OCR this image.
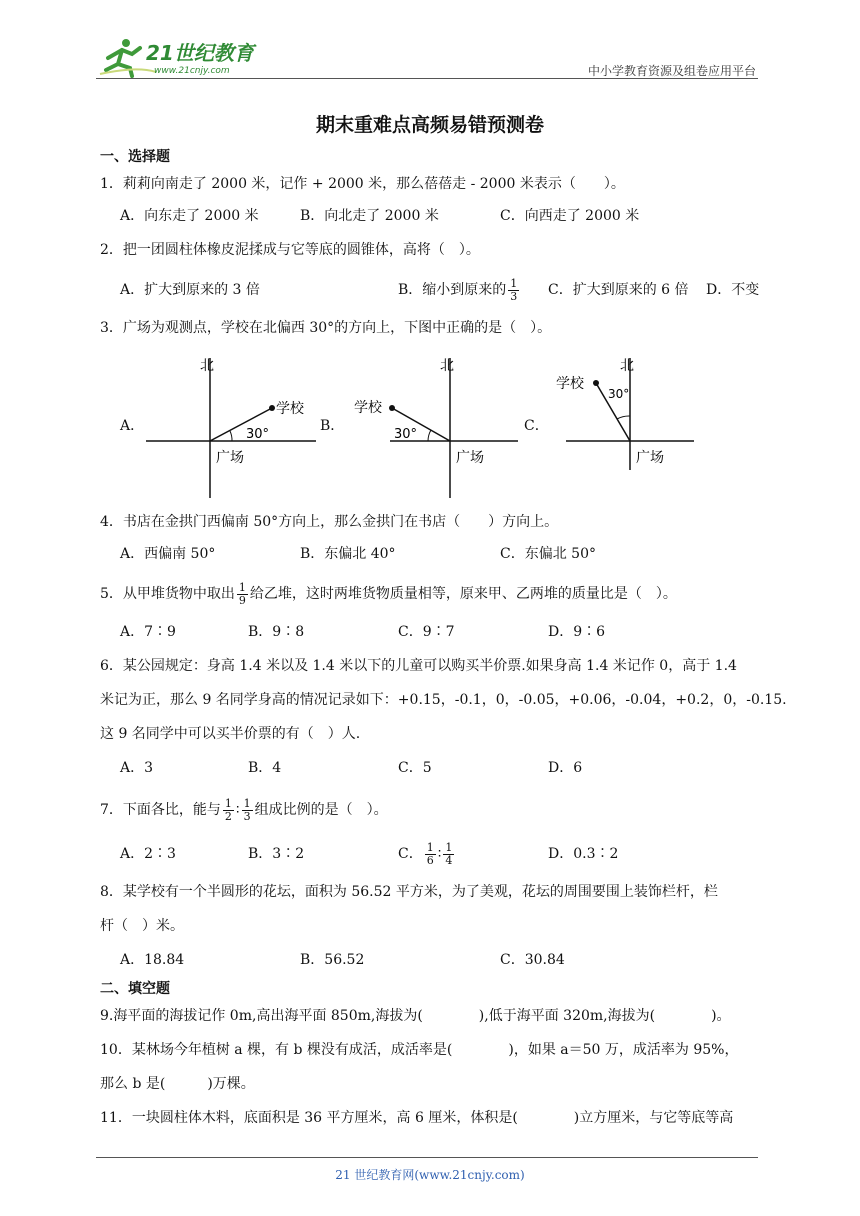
21世纪教育
www.21cnjy.com	中小学教育资源及组卷应用平台
期末重难点高频易错预测卷
一、选择题
1．莉莉向南走了 2000 米，记作 + 2000 米，那么蓓蓓走 - 2000 米表示（　　）。
A．向东走了 2000 米	B．向北走了 2000 米	C．向西走了 2000 米
2．把一团圆柱体橡皮泥揉成与它等底的圆锥体，高将（　）。
A．扩大到原来的 3 倍	B．缩小到原来的 $\frac{1}{3}$ C．扩大到原来的 6 倍 D．不变
3．广场为观测点，学校在北偏西 30°的方向上，下图中正确的是（　）。
A．	B．	C．
北
学校
30°
广场
北
学校
30°
广场
北
学校
30°
广场
4．书店在金拱门西偏南 50°方向上，那么金拱门在书店（　　）方向上。
A．西偏南 50°	B．东偏北 40°	C．东偏北 50°
5．从甲堆货物中取出 $\frac{1}{9}$ 给乙堆，这时两堆货物质量相等，原来甲、乙两堆的质量比是（　）。
A．7∶9	B．9∶8	C．9∶7	D．9∶6
6．某公园规定：身高 1.4 米以及 1.4 米以下的儿童可以购买半价票.如果身高 1.4 米记作 0，高于 1.4
米记为正，那么 9 名同学身高的情况记录如下：+0.15，-0.1，0，-0.05，+0.06，-0.04，+0.2，0，-0.15.
这 9 名同学中可以买半价票的有（　）人.
A．3	B．4	C．5	D．6
7．下面各比，能与 $\frac{1}{2}$ ∶ $\frac{1}{3}$ 组成比例的是（　）。
A．2∶3	B．3∶2	C． $\frac{1}{6}$ ∶ $\frac{1}{4}$	D．0.3∶2
8．某学校有一个半圆形的花坛，面积为 56.52 平方米，为了美观，花坛的周围要围上装饰栏杆，栏
杆（　）米。
A．18.84	B．56.52	C．30.84
二、填空题
9.海平面的海拔记作 0m,高出海平面 850m,海拔为(　　　　),低于海平面 320m,海拔为(　　　　)。
10．某林场今年植树 a 棵，有 b 棵没有成活，成活率是(　　　　)，如果 a＝50 万，成活率为 95%，
那么 b 是(　　　)万棵。
11．一块圆柱体木料，底面积是 36 平方厘米，高 6 厘米，体积是(　　　　)立方厘米，与它等底等高
21 世纪教育网(www.21cnjy.com)
